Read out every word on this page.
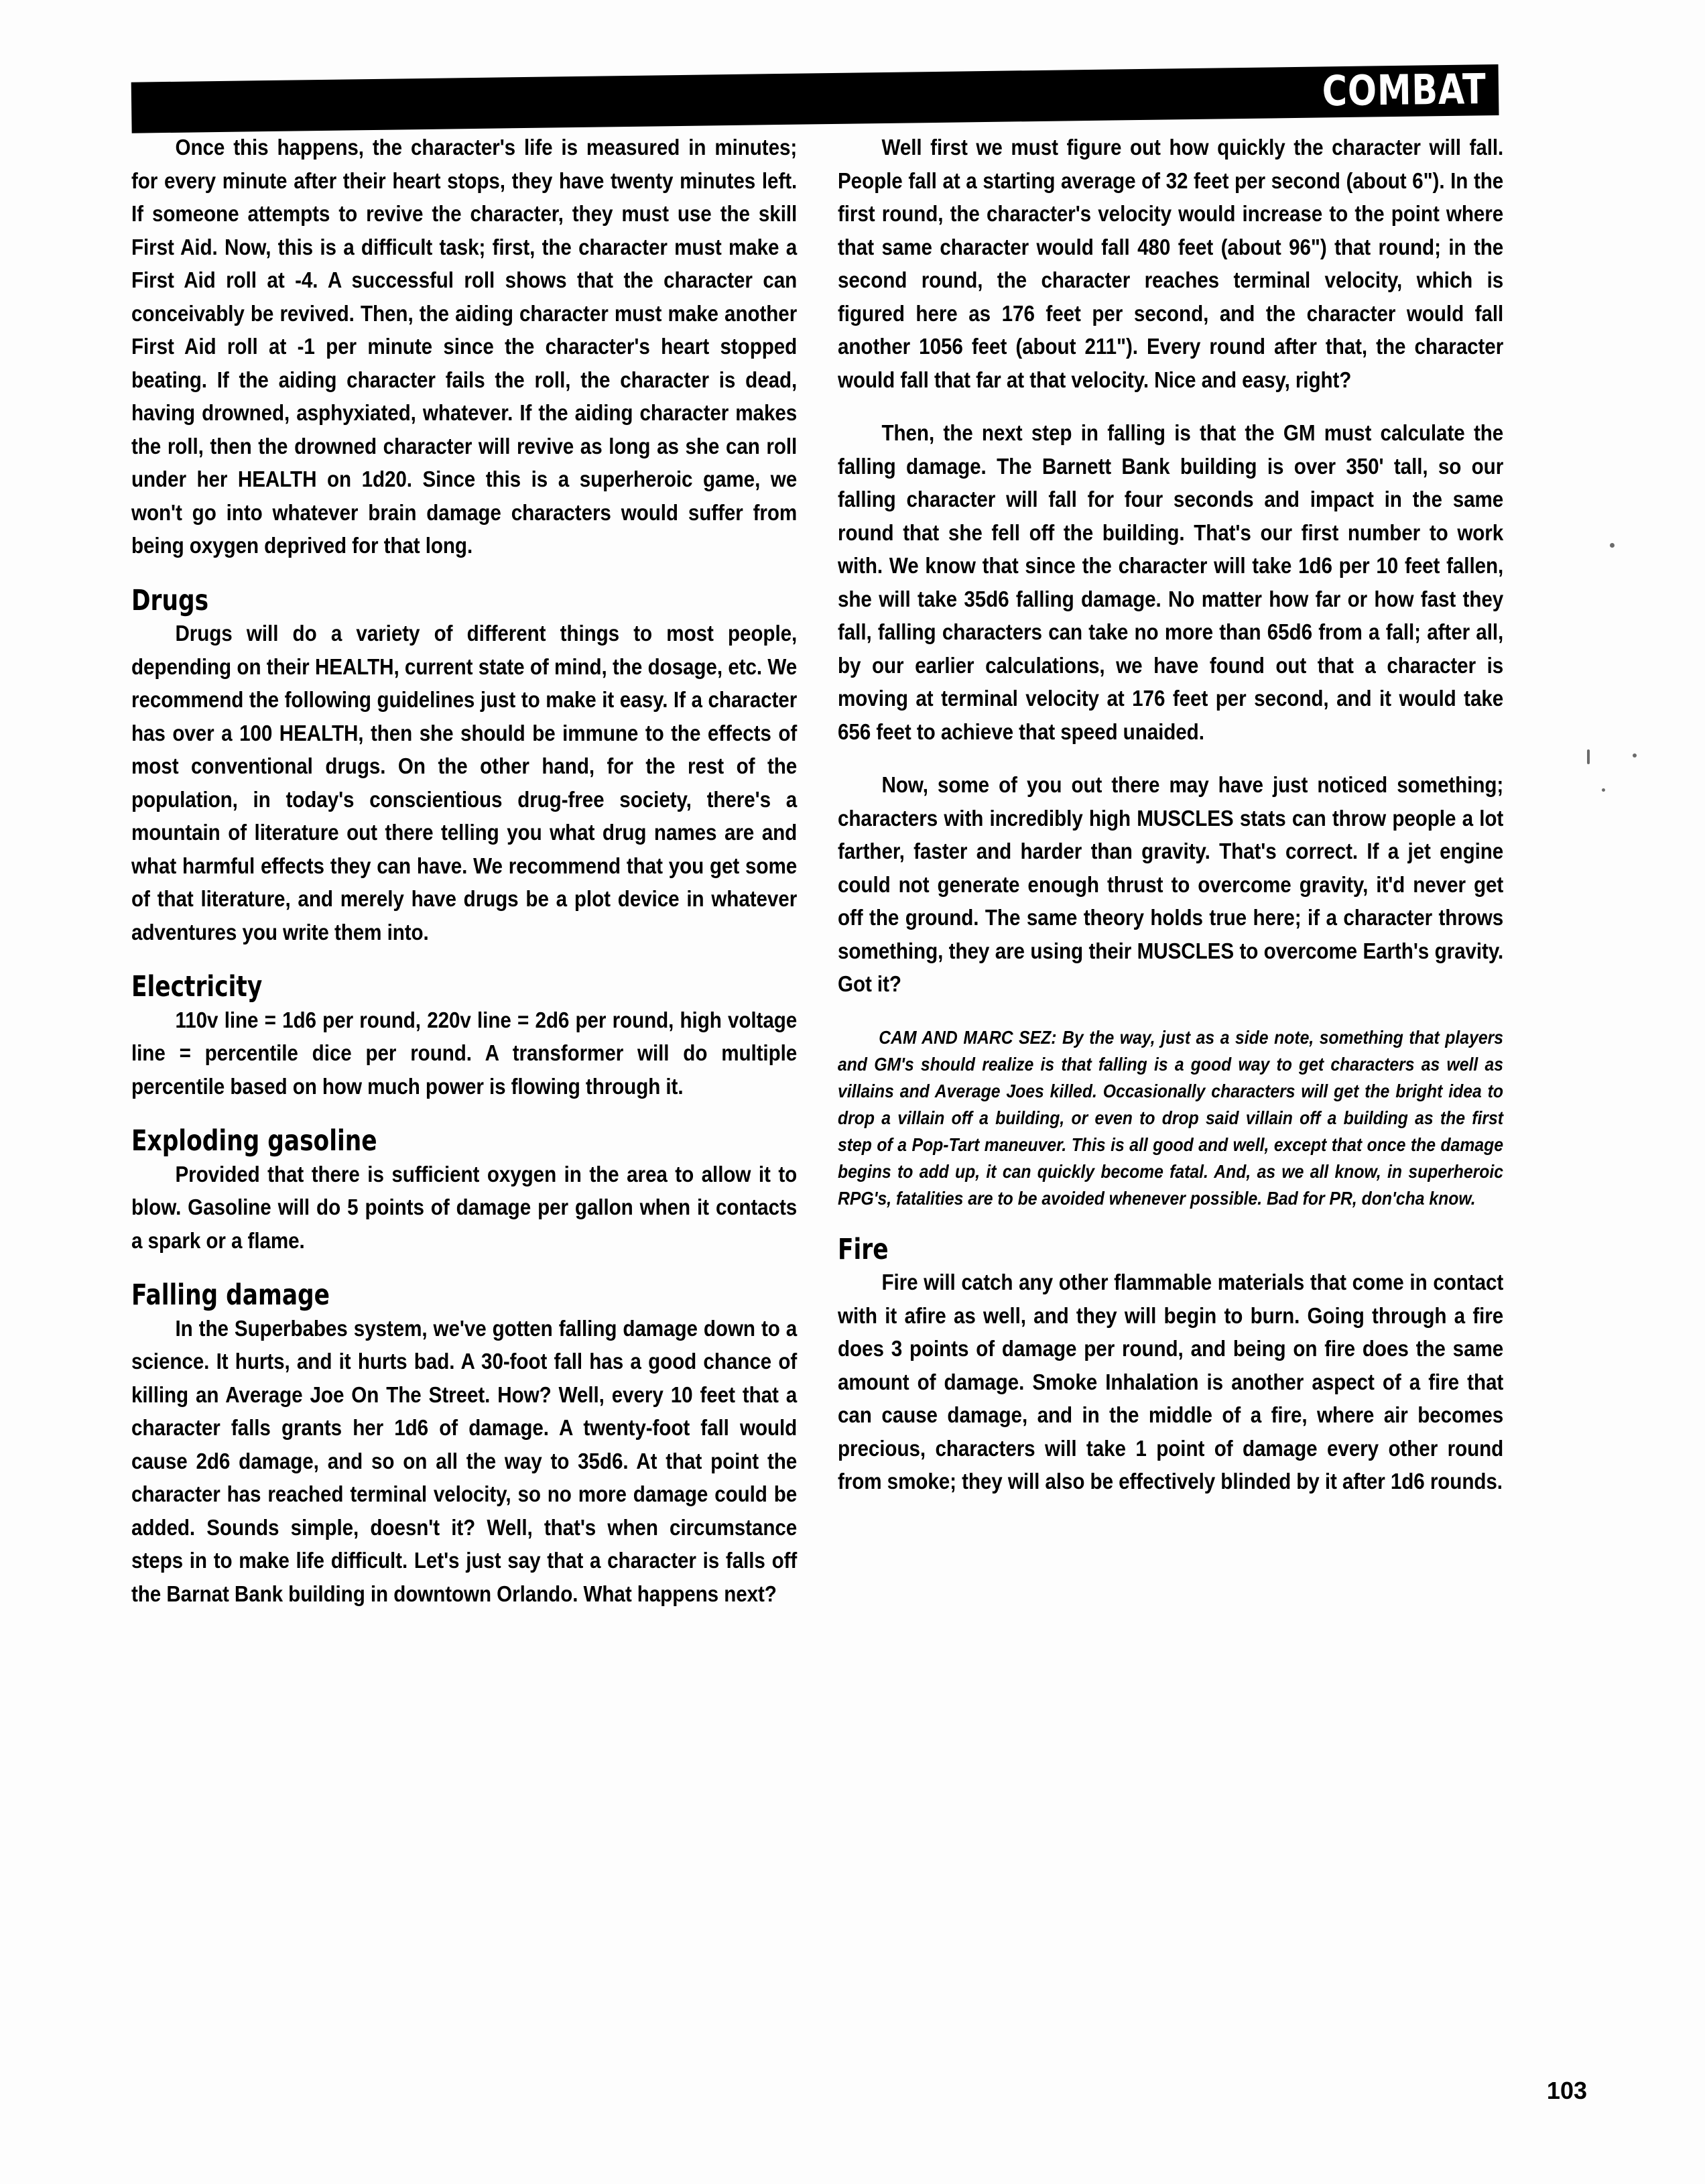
COMBAT

Once this happens, the character's life is measured in minutes; for every minute after their heart stops, they have twenty minutes left. If someone attempts to revive the character, they must use the skill First Aid. Now, this is a difficult task; first, the character must make a First Aid roll at -4. A successful roll shows that the character can conceivably be revived. Then, the aiding character must make another First Aid roll at -1 per minute since the character's heart stopped beating. If the aiding character fails the roll, the character is dead, having drowned, asphyxiated, whatever. If the aiding character makes the roll, then the drowned character will revive as long as she can roll under her HEALTH on 1d20. Since this is a superheroic game, we won't go into whatever brain damage characters would suffer from being oxygen deprived for that long.

Drugs

Drugs will do a variety of different things to most people, depending on their HEALTH, current state of mind, the dosage, etc. We recommend the following guidelines just to make it easy. If a character has over a 100 HEALTH, then she should be immune to the effects of most conventional drugs. On the other hand, for the rest of the population, in today's conscientious drug-free society, there's a mountain of literature out there telling you what drug names are and what harmful effects they can have. We recommend that you get some of that literature, and merely have drugs be a plot device in whatever adventures you write them into.

Electricity

110v line = 1d6 per round, 220v line = 2d6 per round, high voltage line = percentile dice per round. A transformer will do multiple percentile based on how much power is flowing through it.

Exploding gasoline

Provided that there is sufficient oxygen in the area to allow it to blow. Gasoline will do 5 points of damage per gallon when it contacts a spark or a flame.

Falling damage

In the Superbabes system, we've gotten falling damage down to a science. It hurts, and it hurts bad. A 30-foot fall has a good chance of killing an Average Joe On The Street. How? Well, every 10 feet that a character falls grants her 1d6 of damage. A twenty-foot fall would cause 2d6 damage, and so on all the way to 35d6. At that point the character has reached terminal velocity, so no more damage could be added. Sounds simple, doesn't it? Well, that's when circumstance steps in to make life difficult. Let's just say that a character is falls off the Barnat Bank building in downtown Orlando. What happens next?

Well first we must figure out how quickly the character will fall. People fall at a starting average of 32 feet per second (about 6"). In the first round, the character's velocity would increase to the point where that same character would fall 480 feet (about 96") that round; in the second round, the character reaches terminal velocity, which is figured here as 176 feet per second, and the character would fall another 1056 feet (about 211"). Every round after that, the character would fall that far at that velocity. Nice and easy, right?

Then, the next step in falling is that the GM must calculate the falling damage. The Barnett Bank building is over 350' tall, so our falling character will fall for four seconds and impact in the same round that she fell off the building. That's our first number to work with. We know that since the character will take 1d6 per 10 feet fallen, she will take 35d6 falling damage. No matter how far or how fast they fall, falling characters can take no more than 65d6 from a fall; after all, by our earlier calculations, we have found out that a character is moving at terminal velocity at 176 feet per second, and it would take 656 feet to achieve that speed unaided.

Now, some of you out there may have just noticed something; characters with incredibly high MUSCLES stats can throw people a lot farther, faster and harder than gravity. That's correct. If a jet engine could not generate enough thrust to overcome gravity, it'd never get off the ground. The same theory holds true here; if a character throws something, they are using their MUSCLES to overcome Earth's gravity. Got it?

CAM AND MARC SEZ: By the way, just as a side note, something that players and GM's should realize is that falling is a good way to get characters as well as villains and Average Joes killed. Occasionally characters will get the bright idea to drop a villain off a building, or even to drop said villain off a building as the first step of a Pop-Tart maneuver. This is all good and well, except that once the damage begins to add up, it can quickly become fatal. And, as we all know, in superheroic RPG's, fatalities are to be avoided whenever possible. Bad for PR, don'cha know.

Fire

Fire will catch any other flammable materials that come in contact with it afire as well, and they will begin to burn. Going through a fire does 3 points of damage per round, and being on fire does the same amount of damage. Smoke Inhalation is another aspect of a fire that can cause damage, and in the middle of a fire, where air becomes precious, characters will take 1 point of damage every other round from smoke; they will also be effectively blinded by it after 1d6 rounds.

103
